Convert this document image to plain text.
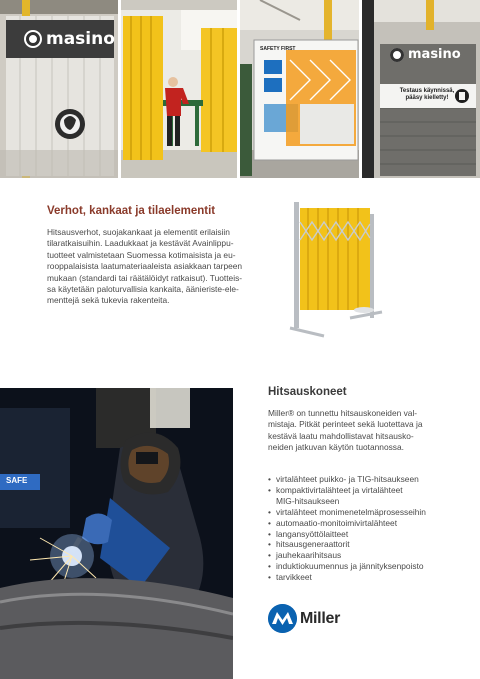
masino	SAFETY FIRST	masino
Testaus käynnissä,
pääsy kielletty!
Verhot, kankaat ja tilaelementit
Hitsausverhot, suojakankaat ja elementit erilaisiin
tilaratkaisuihin. Laadukkaat ja kestävät Avainlippu-
tuotteet valmistetaan Suomessa kotimaisista ja eu-
rooppalaisista laatumateriaaleista asiakkaan tarpeen
mukaan (standardi tai räätälöidyt ratkaisut). Tuotteis-
sa käytetään paloturvallisia kankaita, äänieriste-ele-
menttejä sekä tukevia rakenteita.
SAFE
Hitsauskoneet
Miller® on tunnettu hitsauskoneiden val-
mistaja. Pitkät perinteet sekä luotettava ja
kestävä laatu mahdollistavat hitsausko-
neiden jatkuvan käytön tuotannossa.
• virtalähteet puikko- ja TIG-hitsaukseen
• kompaktivirtalähteet ja virtalähteet
MIG-hitsaukseen
• virtalähteet monimenetelmäprosesseihin
• automaatio-monitoimivirtalähteet
• langansyöttölaitteet
• hitsausgeneraattorit
• jauhekaarihitsaus
• induktiokuumennus ja jännityksenpoisto
• tarvikkeet
Miller
